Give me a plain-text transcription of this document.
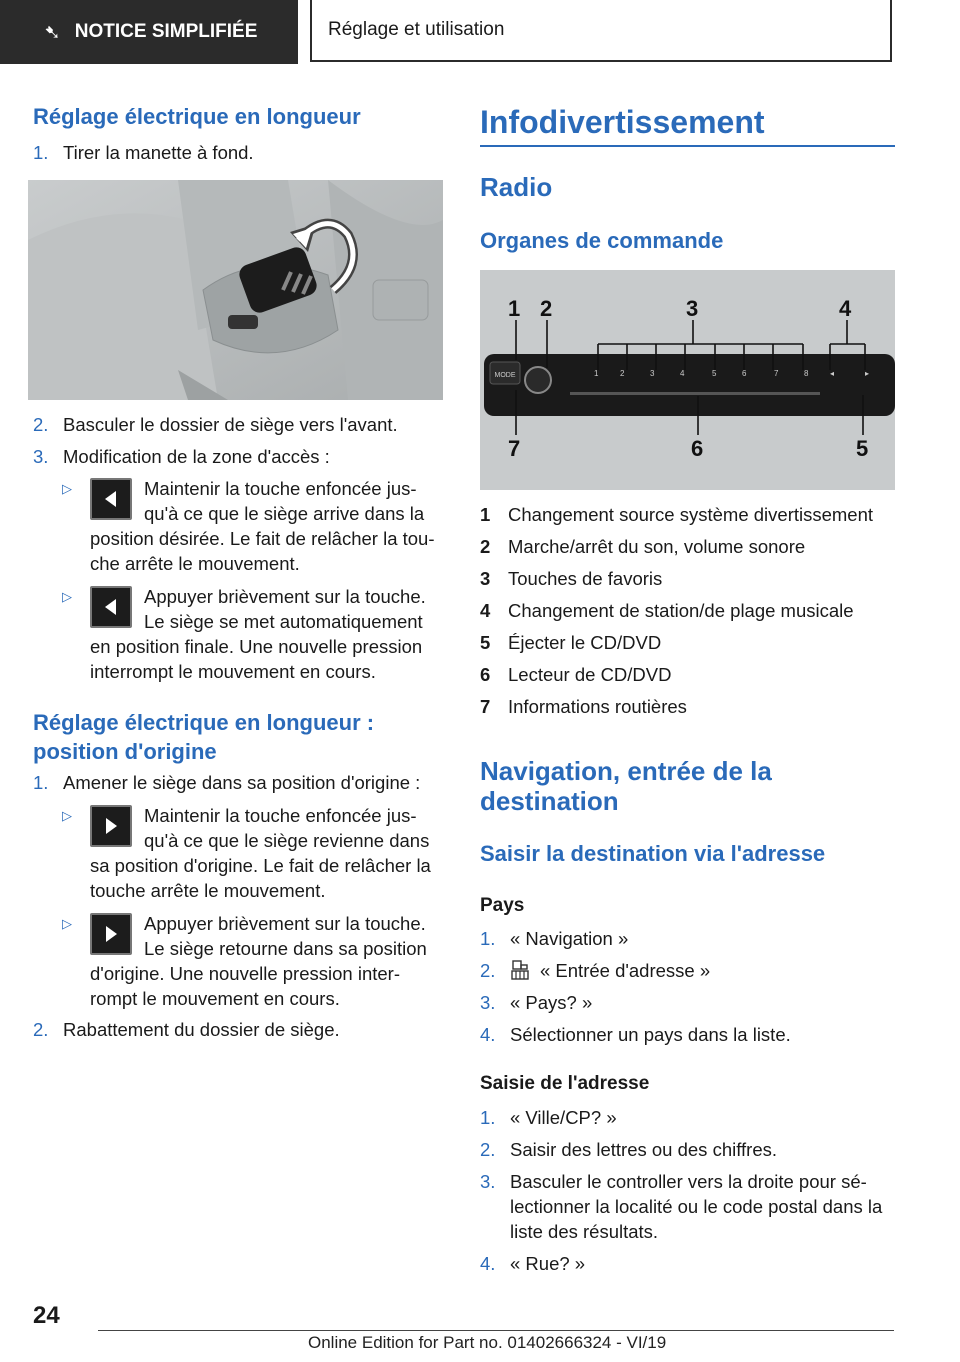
➷ NOTICE SIMPLIFIÉE	Réglage et utilisation
Réglage électrique en longueur
1. Tirer la manette à fond.
2. Basculer le dossier de siège vers l'avant.
3. Modification de la zone d'accès :
▷	Maintenir la touche enfoncée jus-
qu'à ce que le siège arrive dans la
position désirée. Le fait de relâcher la tou-
che arrête le mouvement.
▷	Appuyer brièvement sur la touche.
Le siège se met automatiquement
en position finale. Une nouvelle pression
interrompt le mouvement en cours.
Réglage électrique en longueur :
position d'origine
1. Amener le siège dans sa position d'origine :
▷	Maintenir la touche enfoncée jus-
qu'à ce que le siège revienne dans
sa position d'origine. Le fait de relâcher la
touche arrête le mouvement.
▷	Appuyer brièvement sur la touche.
Le siège retourne dans sa position
d'origine. Une nouvelle pression inter-
rompt le mouvement en cours.
2. Rabattement du dossier de siège.
Infodivertissement
Radio
Organes de commande
MODE	1	2	3	4	5	6	7	8	◂	▸
1 2	3	4
7	6	5
1 Changement source système divertissement
2 Marche/arrêt du son, volume sonore
3 Touches de favoris
4 Changement de station/de plage musicale
5 Éjecter le CD/DVD
6 Lecteur de CD/DVD
7 Informations routières
Navigation, entrée de la
destination
Saisir la destination via l'adresse
Pays
1. « Navigation »
2.	« Entrée d'adresse »
3. « Pays? »
4. Sélectionner un pays dans la liste.
Saisie de l'adresse
1. « Ville/CP? »
2. Saisir des lettres ou des chiffres.
3. Basculer le controller vers la droite pour sé-
lectionner la localité ou le code postal dans la
liste des résultats.
4. « Rue? »
24
Online Edition for Part no. 01402666324 - VI/19
